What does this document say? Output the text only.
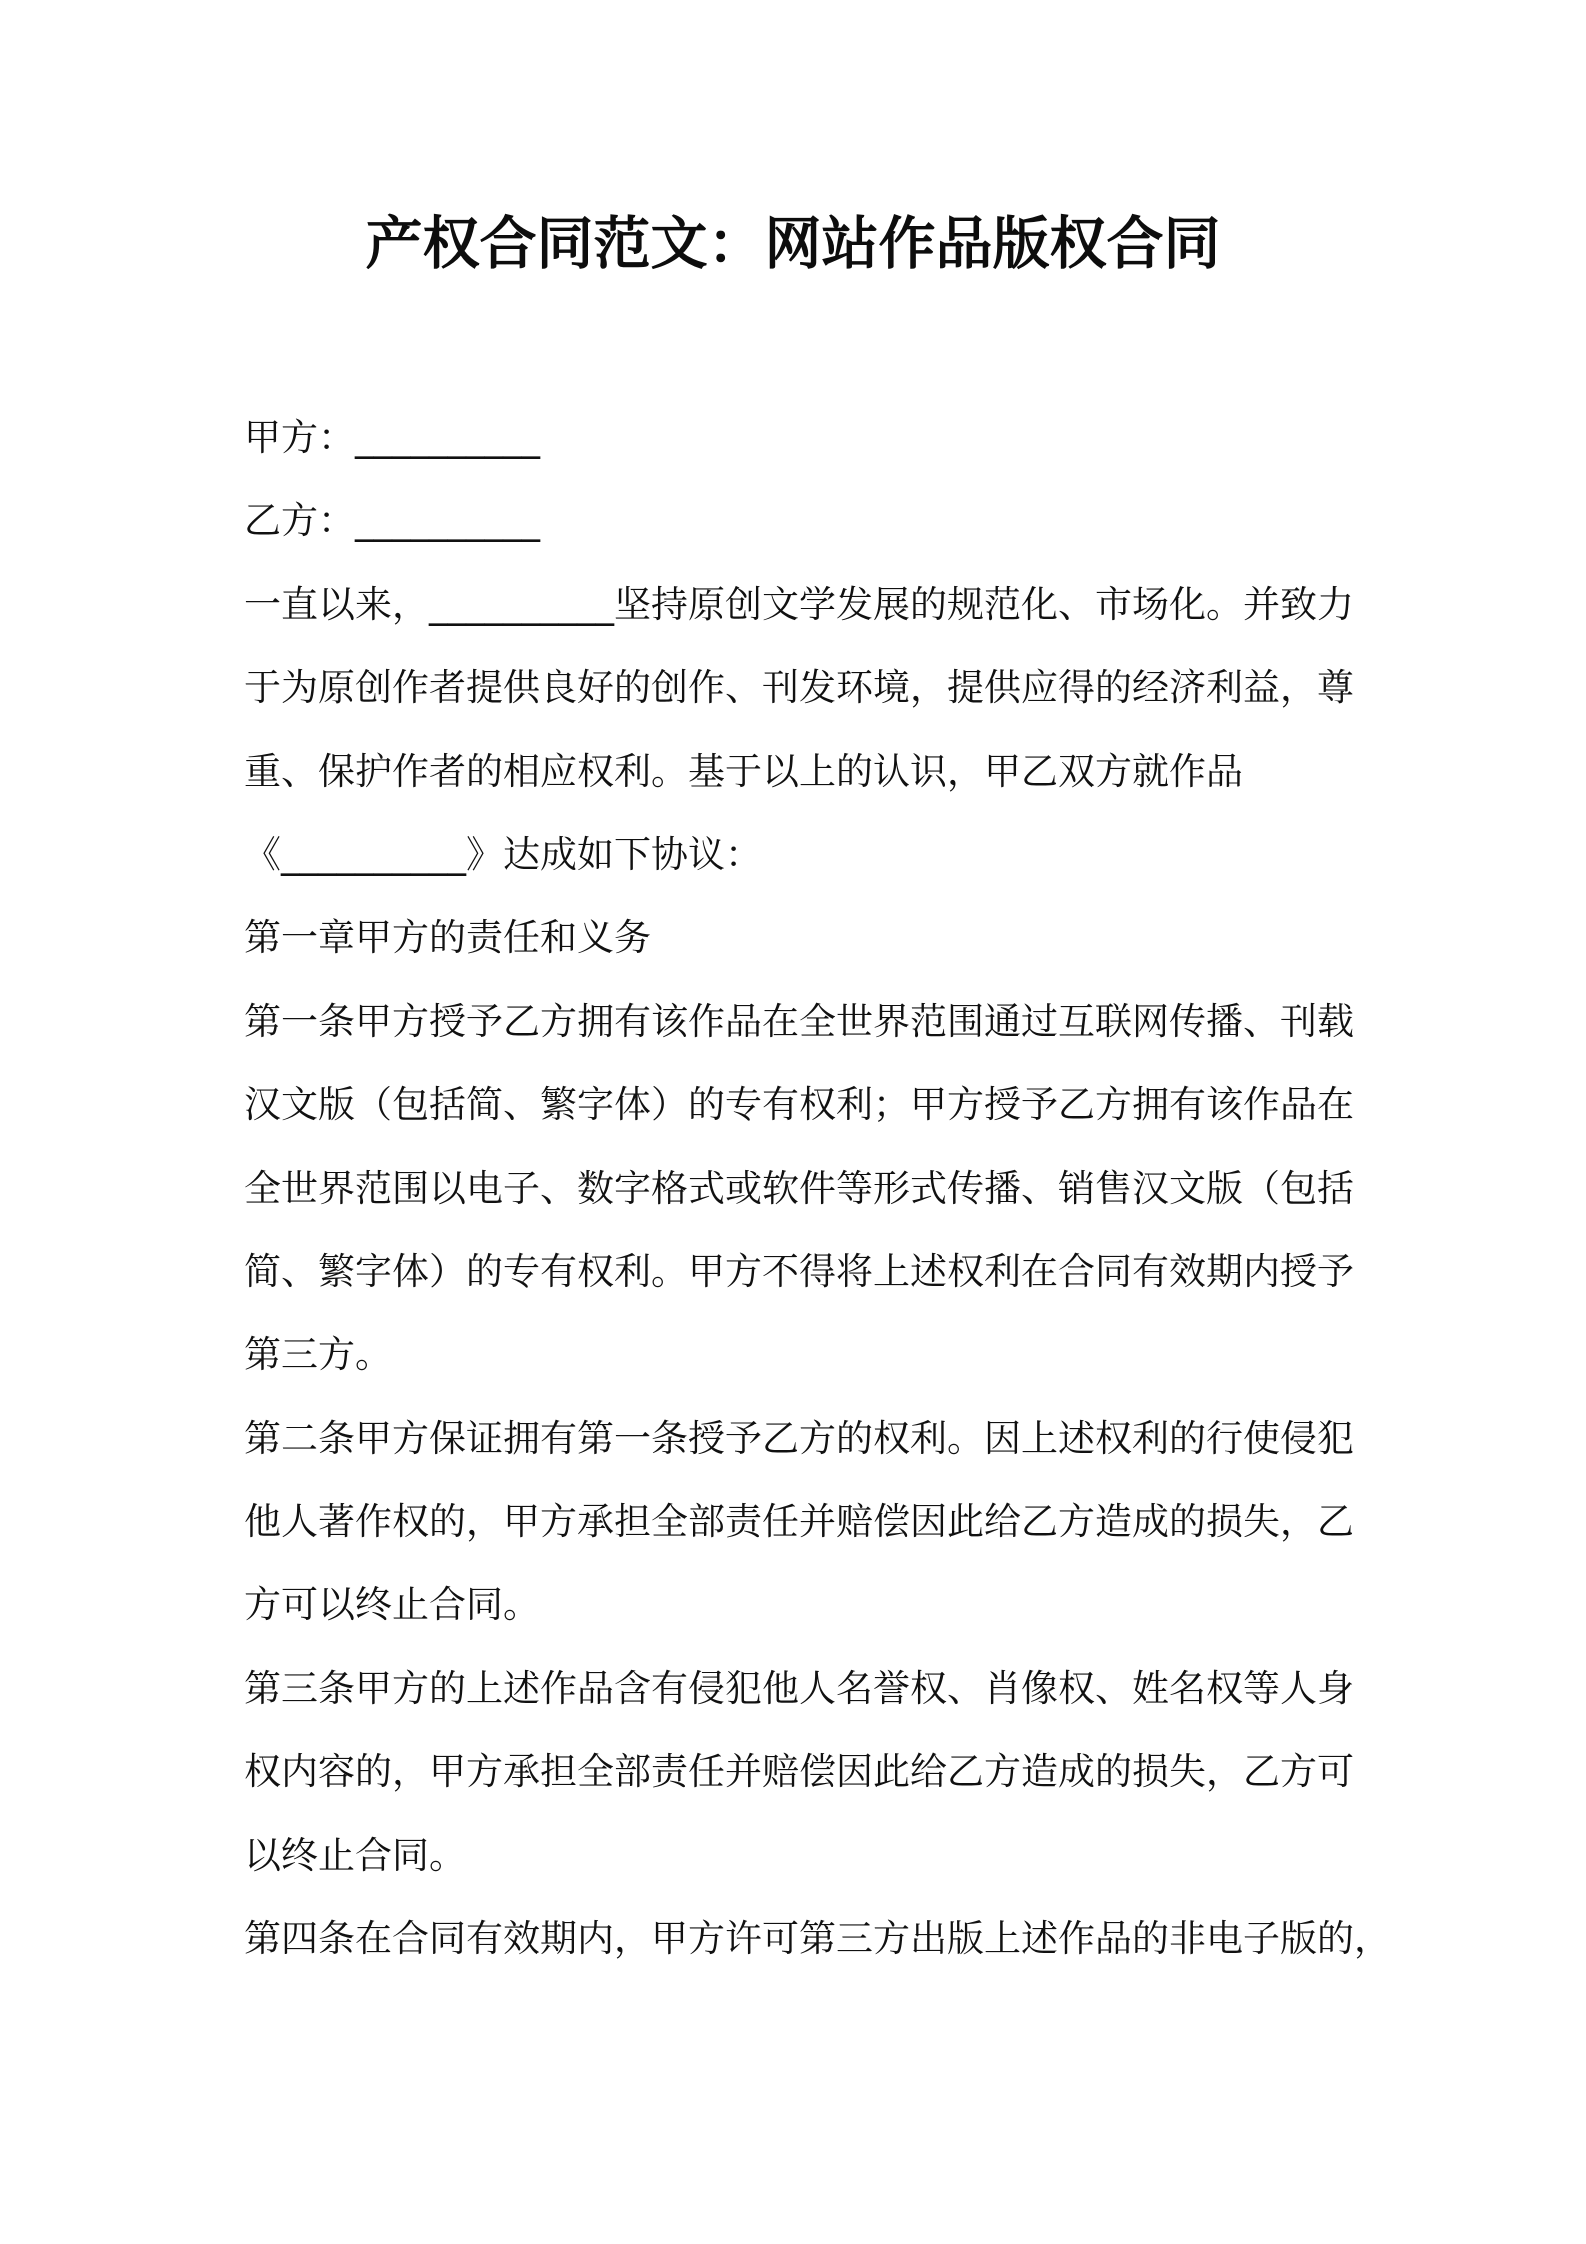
产权合同范文：网站作品版权合同
甲方：__________
乙方：__________
一直以来，__________坚持原创文学发展的规范化、市场化。并致力
于为原创作者提供良好的创作、刊发环境，提供应得的经济利益，尊
重、保护作者的相应权利。基于以上的认识，甲乙双方就作品
《__________》达成如下协议：
第一章甲方的责任和义务
第一条甲方授予乙方拥有该作品在全世界范围通过互联网传播、刊载
汉文版（包括简、繁字体）的专有权利；甲方授予乙方拥有该作品在
全世界范围以电子、数字格式或软件等形式传播、销售汉文版（包括
简、繁字体）的专有权利。甲方不得将上述权利在合同有效期内授予
第三方。
第二条甲方保证拥有第一条授予乙方的权利。因上述权利的行使侵犯
他人著作权的，甲方承担全部责任并赔偿因此给乙方造成的损失，乙
方可以终止合同。
第三条甲方的上述作品含有侵犯他人名誉权、肖像权、姓名权等人身
权内容的，甲方承担全部责任并赔偿因此给乙方造成的损失，乙方可
以终止合同。
第四条在合同有效期内，甲方许可第三方出版上述作品的非电子版的，
